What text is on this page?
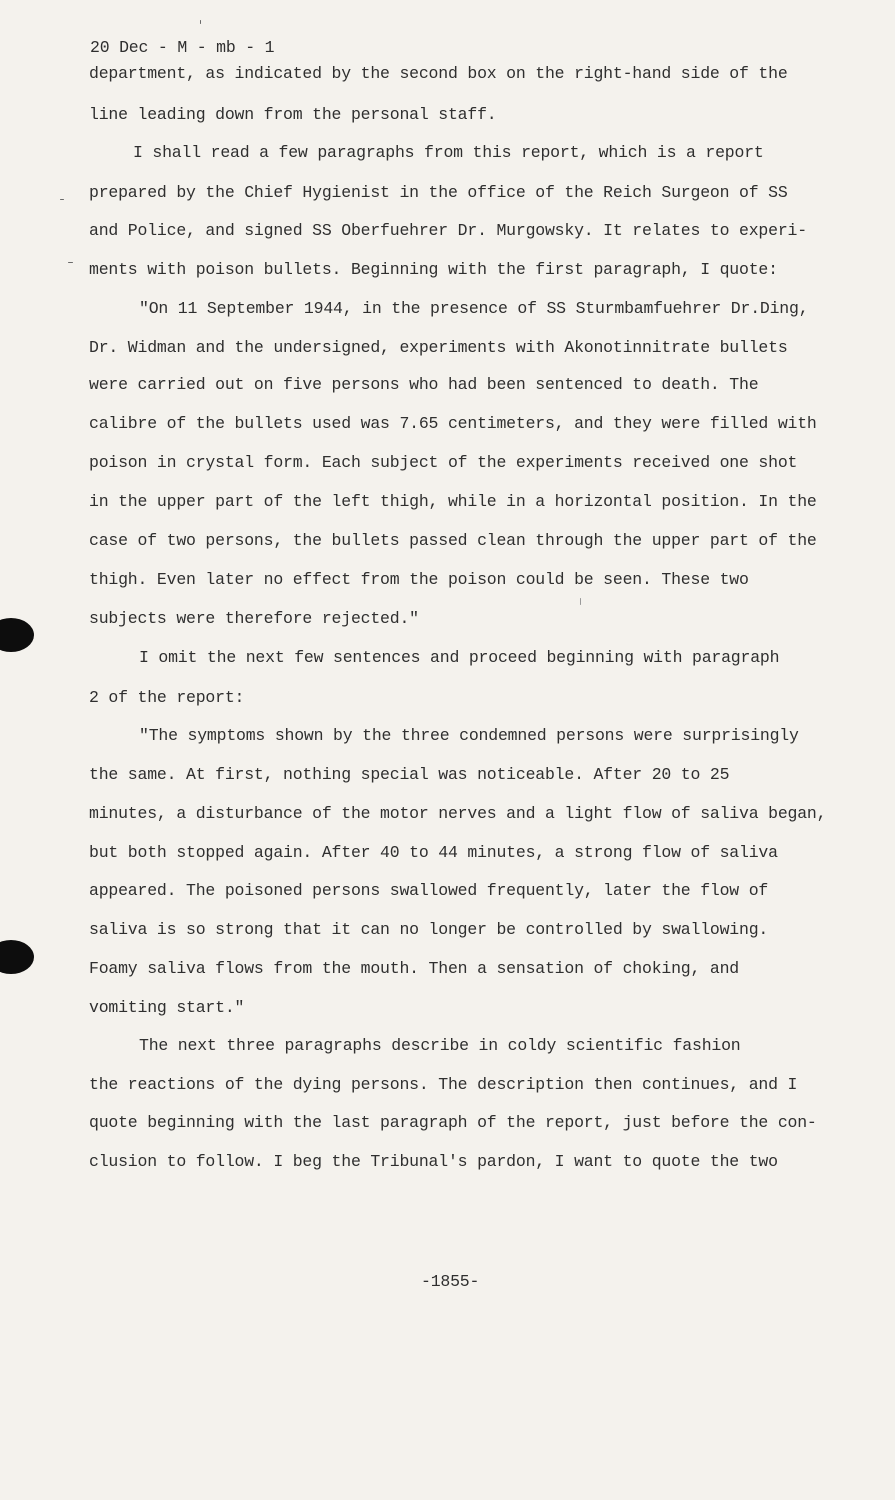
20 Dec - M - mb - 1

department, as indicated by the second box on the right-hand side of the

line leading down from the personal staff.

I shall read a few paragraphs from this report, which is a report

prepared by the Chief Hygienist in the office of the Reich Surgeon of SS

and Police, and signed SS Oberfuehrer Dr. Murgowsky. It relates to experi-

ments with poison bullets. Beginning with the first paragraph, I quote:

"On 11 September 1944, in the presence of SS Sturmbamfuehrer Dr.Ding,

Dr. Widman and the undersigned, experiments with Akonotinnitrate bullets

were carried out on five persons who had been sentenced to death. The

calibre of the bullets used was 7.65 centimeters, and they were filled with

poison in crystal form. Each subject of the experiments received one shot

in the upper part of the left thigh, while in a horizontal position. In the

case of two persons, the bullets passed clean through the upper part of the

thigh. Even later no effect from the poison could be seen. These two

subjects were therefore rejected."

I omit the next few sentences and proceed beginning with paragraph

2 of the report:

"The symptoms shown by the three condemned persons were surprisingly

the same. At first, nothing special was noticeable. After 20 to 25

minutes, a disturbance of the motor nerves and a light flow of saliva began,

but both stopped again. After 40 to 44 minutes, a strong flow of saliva

appeared. The poisoned persons swallowed frequently, later the flow of

saliva is so strong that it can no longer be controlled by swallowing.

Foamy saliva flows from the mouth. Then a sensation of choking, and

vomiting start."

The next three paragraphs describe in coldy scientific fashion

the reactions of the dying persons. The description then continues, and I

quote beginning with the last paragraph of the report, just before the con-

clusion to follow. I beg the Tribunal's pardon, I want to quote the two

-1855-
